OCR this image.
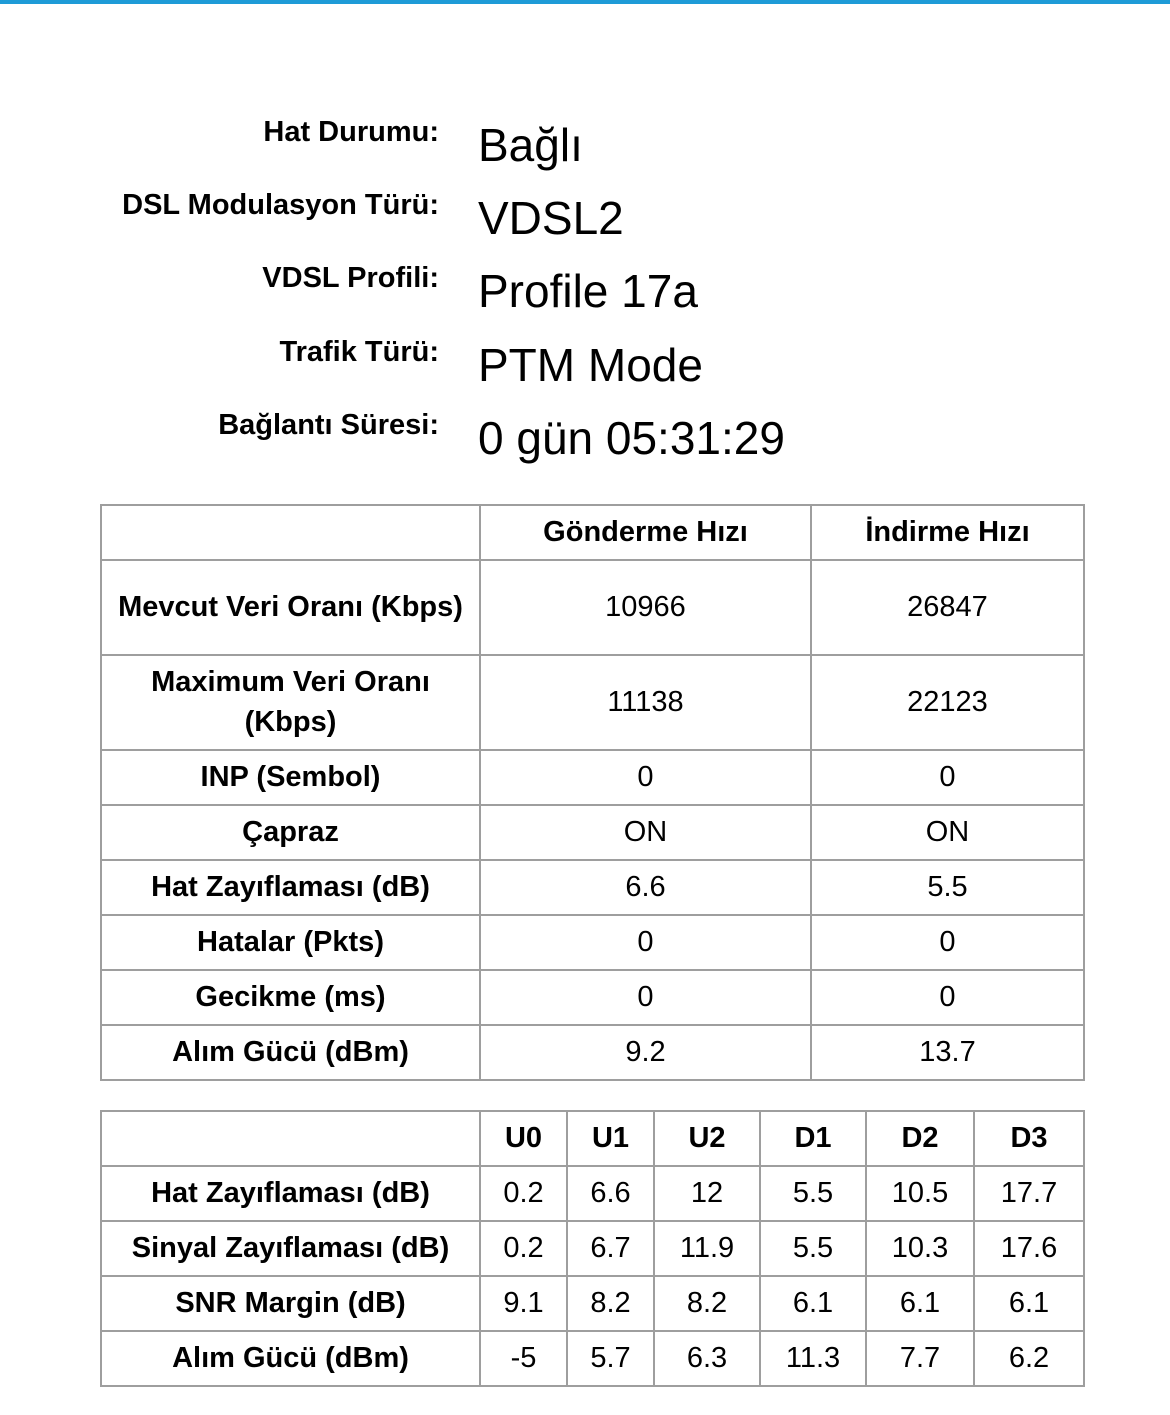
Hat Durumu: Bağlı
DSL Modulasyon Türü: VDSL2
VDSL Profili: Profile 17a
Trafik Türü: PTM Mode
Bağlantı Süresi: 0 gün 05:31:29
	Gönderme Hızı	İndirme Hızı
Mevcut Veri Oranı (Kbps)	10966	26847
Maximum Veri Oranı (Kbps)	11138	22123
INP (Sembol)	0	0
Çapraz	ON	ON
Hat Zayıflaması (dB)	6.6	5.5
Hatalar (Pkts)	0	0
Gecikme (ms)	0	0
Alım Gücü (dBm)	9.2	13.7
	U0	U1	U2	D1	D2	D3
Hat Zayıflaması (dB)	0.2	6.6	12	5.5	10.5	17.7
Sinyal Zayıflaması (dB)	0.2	6.7	11.9	5.5	10.3	17.6
SNR Margin (dB)	9.1	8.2	8.2	6.1	6.1	6.1
Alım Gücü (dBm)	-5	5.7	6.3	11.3	7.7	6.2
